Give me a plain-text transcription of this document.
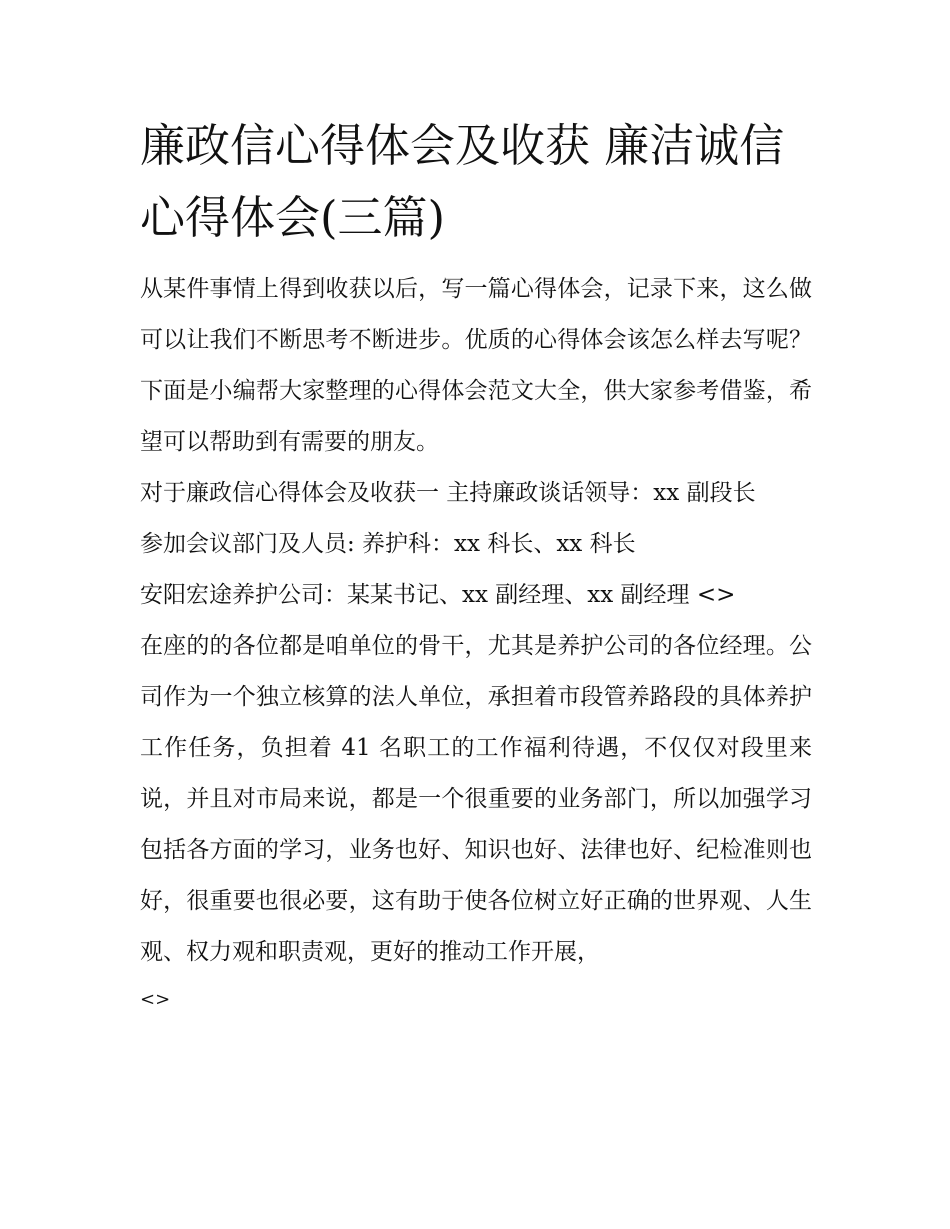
廉政信心得体会及收获 廉洁诚信心得体会(三篇)

从某件事情上得到收获以后，写一篇心得体会，记录下来，这么做可以让我们不断思考不断进步。优质的心得体会该怎么样去写呢？下面是小编帮大家整理的心得体会范文大全，供大家参考借鉴，希望可以帮助到有需要的朋友。

对于廉政信心得体会及收获一 主持廉政谈话领导：xx 副段长

参加会议部门及人员: 养护科：xx 科长、xx 科长

安阳宏途养护公司：某某书记、xx 副经理、xx 副经理 <>

在座的的各位都是咱单位的骨干，尤其是养护公司的各位经理。公司作为一个独立核算的法人单位，承担着市段管养路段的具体养护工作任务，负担着 41 名职工的工作福利待遇，不仅仅对段里来说，并且对市局来说，都是一个很重要的业务部门，所以加强学习包括各方面的学习，业务也好、知识也好、法律也好、纪检准则也好，很重要也很必要，这有助于使各位树立好正确的世界观、人生观、权力观和职责观，更好的推动工作开展，

<>
